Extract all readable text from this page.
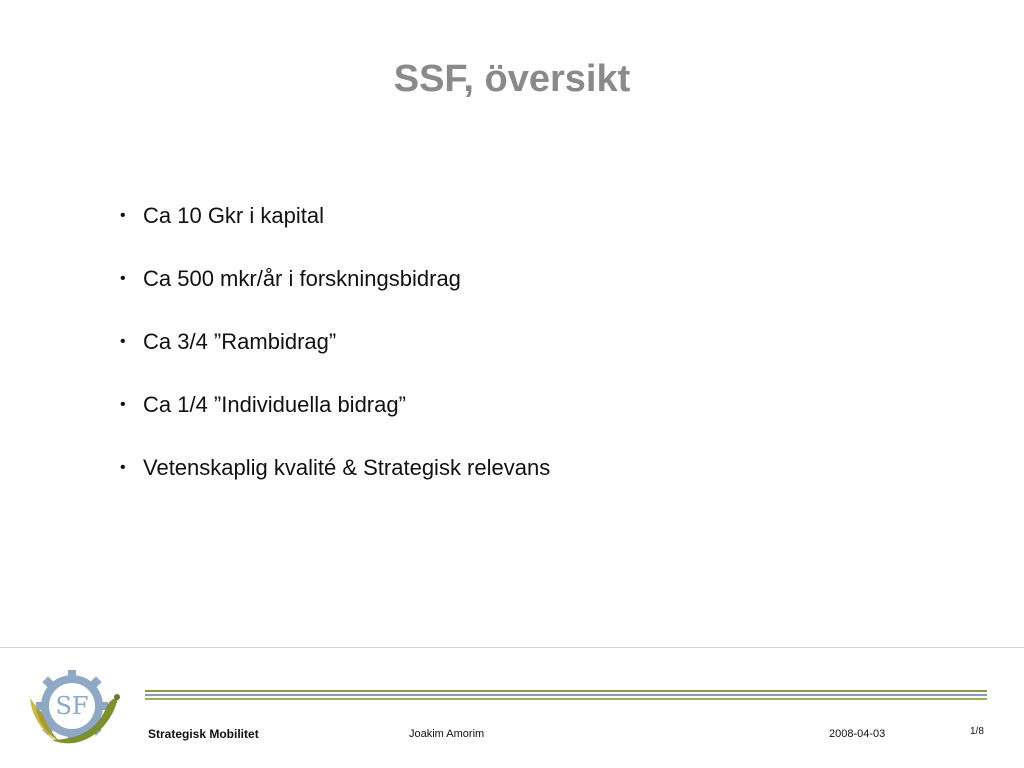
SSF, översikt
• Ca 10 Gkr i kapital
• Ca 500 mkr/år i forskningsbidrag
• Ca 3/4 ”Rambidrag”
• Ca 1/4 ”Individuella bidrag”
• Vetenskaplig kvalité & Strategisk relevans
SF
Strategisk Mobilitet	Joakim Amorim	2008-04-03	1/8
